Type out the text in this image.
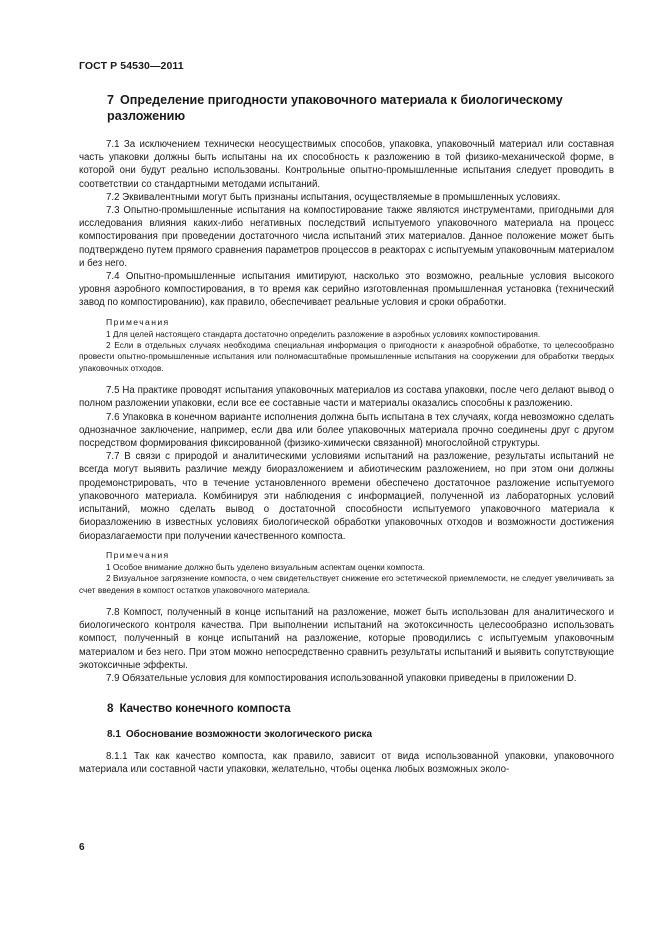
ГОСТ Р 54530—2011
7 Определение пригодности упаковочного материала к биологическому разложению

7.1 За исключением технически неосуществимых способов, упаковка, упаковочный материал или составная часть упаковки должны быть испытаны на их способность к разложению в той физико-механической форме, в которой они будут реально использованы. Контрольные опытно-промышленные испытания следует проводить в соответствии со стандартными методами испытаний.

7.2 Эквивалентными могут быть признаны испытания, осуществляемые в промышленных условиях.

7.3 Опытно-промышленные испытания на компостирование также являются инструментами, пригодными для исследования влияния каких-либо негативных последствий испытуемого упаковочного материала на процесс компостирования при проведении достаточного числа испытаний этих материалов. Данное положение может быть подтверждено путем прямого сравнения параметров процессов в реакторах с испытуемым упаковочным материалом и без него.

7.4 Опытно-промышленные испытания имитируют, насколько это возможно, реальные условия высокого уровня аэробного компостирования, в то время как серийно изготовленная промышленная установка (технический завод по компостированию), как правило, обеспечивает реальные условия и сроки обработки.

Примечания

1 Для целей настоящего стандарта достаточно определить разложение в аэробных условиях компостирования.

2 Если в отдельных случаях необходима специальная информация о пригодности к анаэробной обработке, то целесообразно провести опытно-промышленные испытания или полномасштабные промышленные испытания на сооружении для обработки твердых упаковочных отходов.

7.5 На практике проводят испытания упаковочных материалов из состава упаковки, после чего делают вывод о полном разложении упаковки, если все ее составные части и материалы оказались способны к разложению.

7.6 Упаковка в конечном варианте исполнения должна быть испытана в тех случаях, когда невозможно сделать однозначное заключение, например, если два или более упаковочных материала прочно соединены друг с другом посредством формирования фиксированной (физико-химически связанной) многослойной структуры.

7.7 В связи с природой и аналитическими условиями испытаний на разложение, результаты испытаний не всегда могут выявить различие между биоразложением и абиотическим разложением, но при этом они должны продемонстрировать, что в течение установленного времени обеспечено достаточное разложение испытуемого упаковочного материала. Комбинируя эти наблюдения с информацией, полученной из лабораторных условий испытаний, можно сделать вывод о достаточной способности испытуемого упаковочного материала к биоразложению в известных условиях биологической обработки упаковочных отходов и возможности достижения биоразлагаемости при получении качественного компоста.

Примечания

1 Особое внимание должно быть уделено визуальным аспектам оценки компоста.

2 Визуальное загрязнение компоста, о чем свидетельствует снижение его эстетической приемлемости, не следует увеличивать за счет введения в компост остатков упаковочного материала.

7.8 Компост, полученный в конце испытаний на разложение, может быть использован для аналитического и биологического контроля качества. При выполнении испытаний на экотоксичность целесообразно использовать компост, полученный в конце испытаний на разложение, которые проводились с испытуемым упаковочным материалом и без него. При этом можно непосредственно сравнить результаты испытаний и выявить сопутствующие экотоксичные эффекты.

7.9 Обязательные условия для компостирования использованной упаковки приведены в приложении D.

8 Качество конечного компоста
8.1 Обоснование возможности экологического риска

8.1.1 Так как качество компоста, как правило, зависит от вида использованной упаковки, упаковочного материала или составной части упаковки, желательно, чтобы оценка любых возможных эколо-

6
